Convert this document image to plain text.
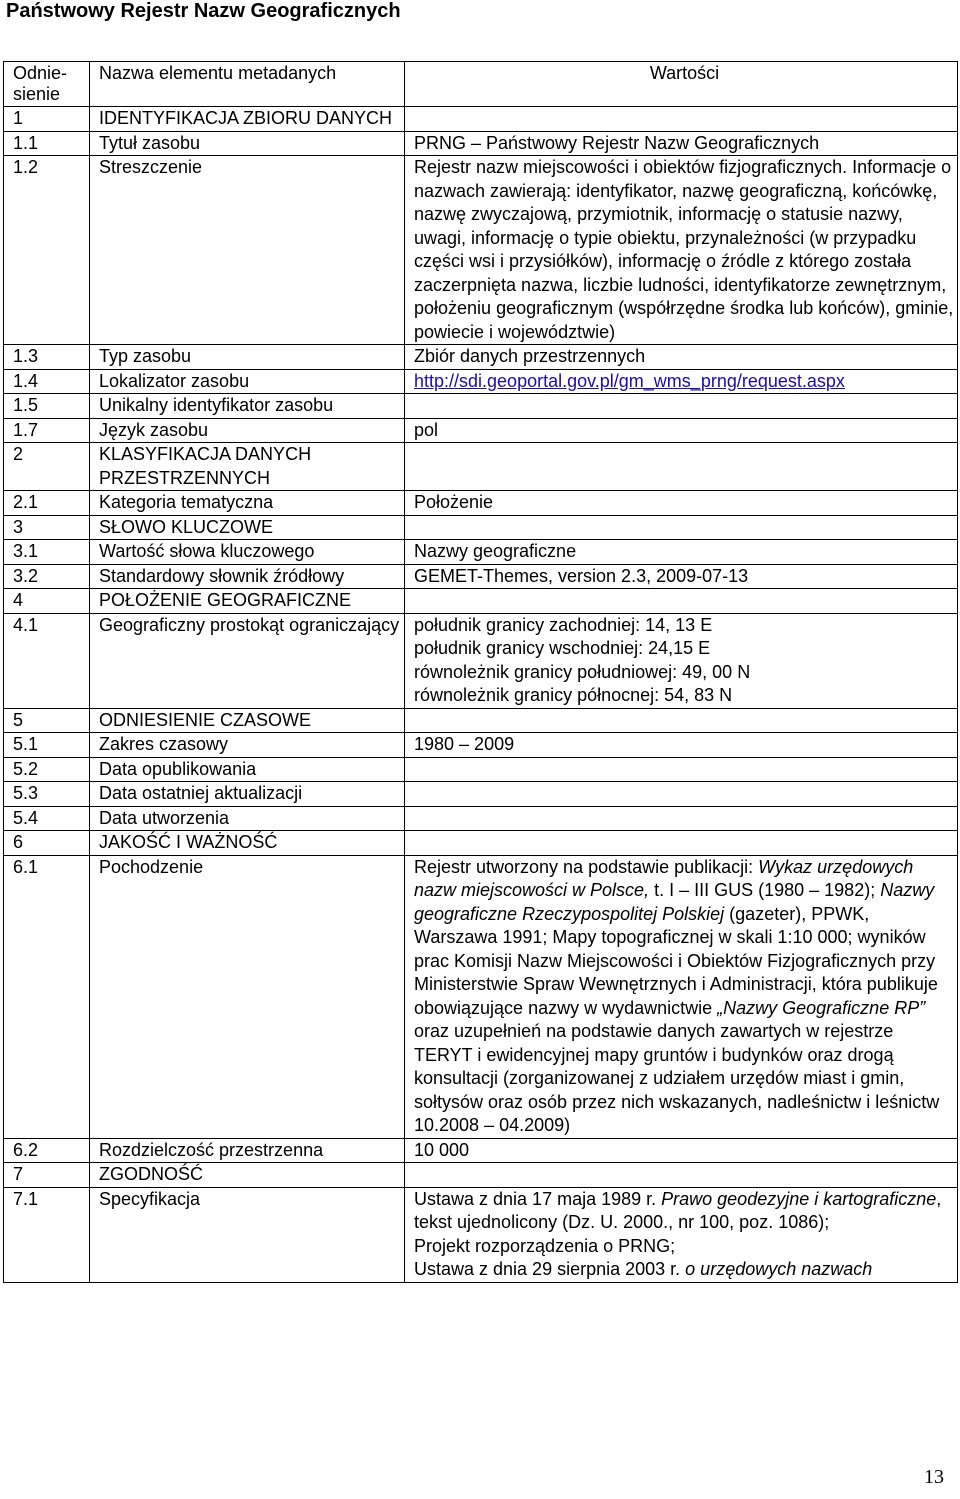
Państwowy Rejestr Nazw Geograficznych
Odnie-sienie	Nazwa elementu metadanych	Wartości
1	IDENTYFIKACJA ZBIORU DANYCH	
1.1	Tytuł zasobu	PRNG – Państwowy Rejestr Nazw Geograficznych
1.2	Streszczenie	Rejestr nazw miejscowości i obiektów fizjograficznych. Informacje o nazwach zawierają: identyfikator, nazwę geograficzną, końcówkę, nazwę zwyczajową, przymiotnik, informację o statusie nazwy, uwagi, informację o typie obiektu, przynależności (w przypadku części wsi i przysiółków), informację o źródle z którego została zaczerpnięta nazwa, liczbie ludności, identyfikatorze zewnętrznym, położeniu geograficznym (współrzędne środka lub końców), gminie, powiecie i województwie)
1.3	Typ zasobu	Zbiór danych przestrzennych
1.4	Lokalizator zasobu	http://sdi.geoportal.gov.pl/gm_wms_prng/request.aspx
1.5	Unikalny identyfikator zasobu	
1.7	Język zasobu	pol
2	KLASYFIKACJA DANYCH PRZESTRZENNYCH	
2.1	Kategoria tematyczna	Położenie
3	SŁOWO KLUCZOWE	
3.1	Wartość słowa kluczowego	Nazwy geograficzne
3.2	Standardowy słownik źródłowy	GEMET-Themes, version 2.3, 2009-07-13
4	POŁOŻENIE GEOGRAFICZNE	
4.1	Geograficzny prostokąt ograniczający	południk granicy zachodniej: 14, 13 E
południk granicy wschodniej: 24,15 E
równoleżnik granicy południowej: 49, 00 N
równoleżnik granicy północnej: 54, 83 N

5	ODNIESIENIE CZASOWE	
5.1	Zakres czasowy	1980 – 2009
5.2	Data opublikowania	
5.3	Data ostatniej aktualizacji	
5.4	Data utworzenia	
6	JAKOŚĆ I WAŻNOŚĆ	
6.1	Pochodzenie	Rejestr utworzony na podstawie publikacji: Wykaz urzędowych nazw miejscowości w Polsce, t. I – III GUS (1980 – 1982); Nazwy geograficzne Rzeczypospolitej Polskiej (gazeter), PPWK, Warszawa 1991; Mapy topograficznej w skali 1:10 000; wyników prac Komisji Nazw Miejscowości i Obiektów Fizjograficznych przy Ministerstwie Spraw Wewnętrznych i Administracji, która publikuje obowiązujące nazwy w wydawnictwie „Nazwy Geograficzne RP” oraz uzupełnień na podstawie danych zawartych w rejestrze TERYT i ewidencyjnej mapy gruntów i budynków oraz drogą konsultacji (zorganizowanej z udziałem urzędów miast i gmin, sołtysów oraz osób przez nich wskazanych, nadleśnictw i leśnictw 10.2008 – 04.2009)
6.2	Rozdzielczość przestrzenna	10 000
7	ZGODNOŚĆ	
7.1	Specyfikacja	Ustawa z dnia 17 maja 1989 r. Prawo geodezyjne i kartograficzne, tekst ujednolicony (Dz. U. 2000., nr 100, poz. 1086);
Projekt rozporządzenia o PRNG;
Ustawa z dnia 29 sierpnia 2003 r. o urzędowych nazwach
13
